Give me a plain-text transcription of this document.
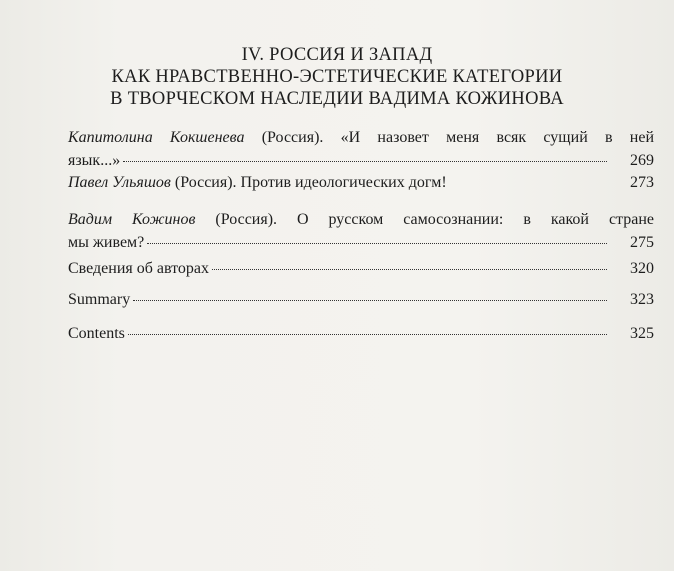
IV. РОССИЯ И ЗАПАД
КАК НРАВСТВЕННО-ЭСТЕТИЧЕСКИЕ КАТЕГОРИИ
В ТВОРЧЕСКОМ НАСЛЕДИИ ВАДИМА КОЖИНОВА
Капитолина Кокшенева (Россия). «И назовет меня всяк сущий в ней
язык...»	269
Павел Ульяшов (Россия). Против идеологических догм!	273
Вадим Кожинов (Россия). О русском самосознании: в какой стране
мы живем?	275
Сведения об авторах	320
Summary	323
Contents	325
